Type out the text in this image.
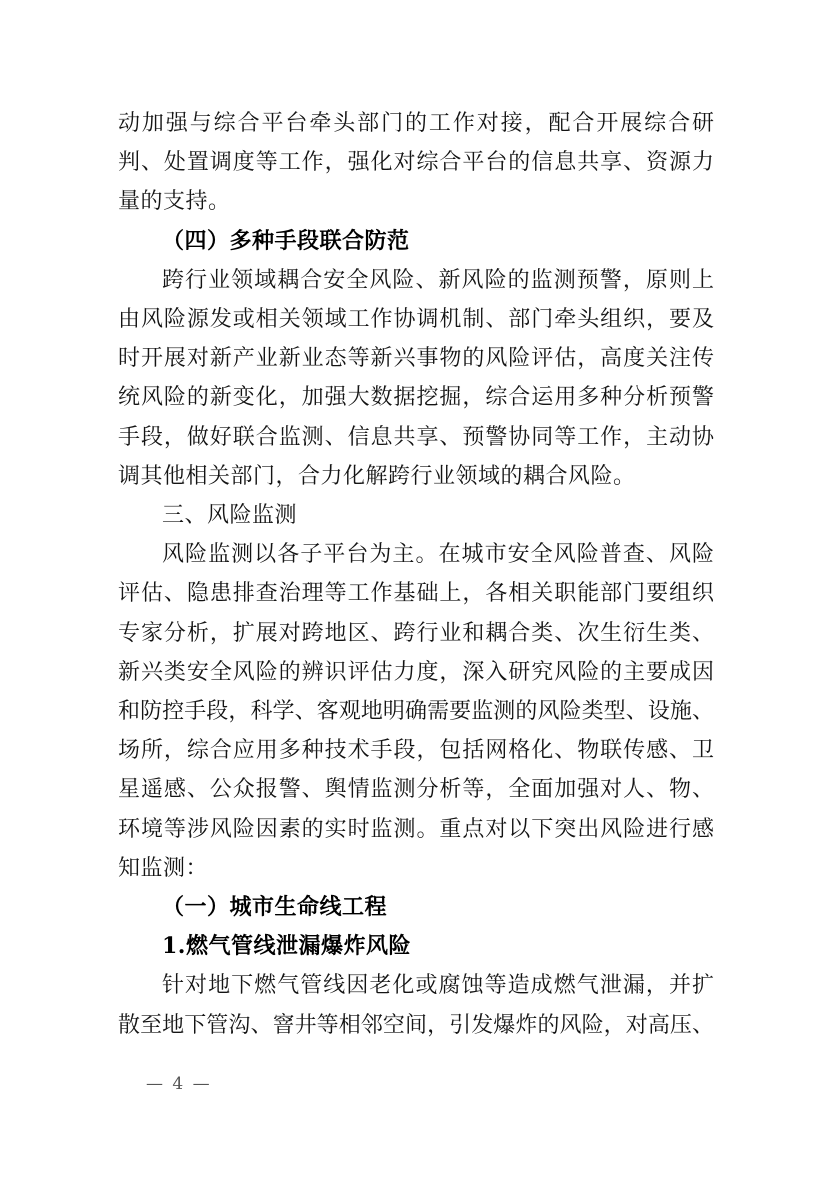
动加强与综合平台牵头部门的工作对接，配合开展综合研
判、处置调度等工作，强化对综合平台的信息共享、资源力
量的支持。
（四）多种手段联合防范
跨行业领域耦合安全风险、新风险的监测预警，原则上
由风险源发或相关领域工作协调机制、部门牵头组织，要及
时开展对新产业新业态等新兴事物的风险评估，高度关注传
统风险的新变化，加强大数据挖掘，综合运用多种分析预警
手段，做好联合监测、信息共享、预警协同等工作，主动协
调其他相关部门，合力化解跨行业领域的耦合风险。
三、风险监测
风险监测以各子平台为主。在城市安全风险普查、风险
评估、隐患排查治理等工作基础上，各相关职能部门要组织
专家分析，扩展对跨地区、跨行业和耦合类、次生衍生类、
新兴类安全风险的辨识评估力度，深入研究风险的主要成因
和防控手段，科学、客观地明确需要监测的风险类型、设施、
场所，综合应用多种技术手段，包括网格化、物联传感、卫
星遥感、公众报警、舆情监测分析等，全面加强对人、物、
环境等涉风险因素的实时监测。重点对以下突出风险进行感
知监测：
（一）城市生命线工程
1.燃气管线泄漏爆炸风险
针对地下燃气管线因老化或腐蚀等造成燃气泄漏，并扩
散至地下管沟、窨井等相邻空间，引发爆炸的风险，对高压、
— 4 —
